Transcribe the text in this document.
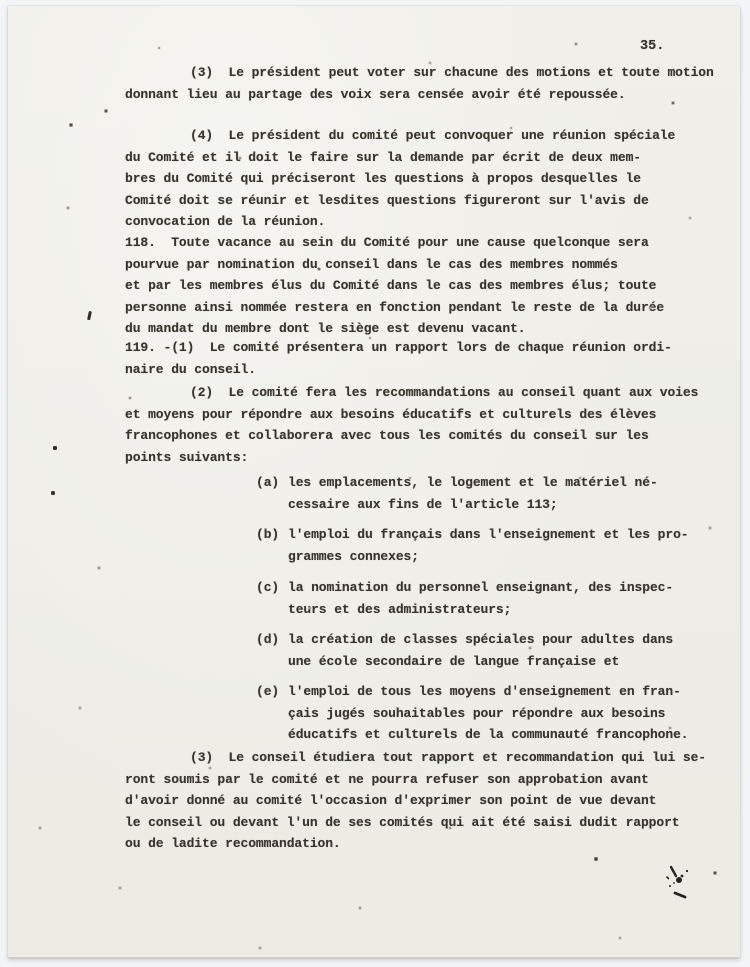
35.
(3)  Le président peut voter sur chacune des motions et toute motion
donnant lieu au partage des voix sera censée avoir été repoussée.
(4)  Le président du comité peut convoquer une réunion spéciale
du Comité et il doit le faire sur la demande par écrit de deux mem-
bres du Comité qui préciseront les questions à propos desquelles le
Comité doit se réunir et lesdites questions figureront sur l'avis de
convocation de la réunion.
118.  Toute vacance au sein du Comité pour une cause quelconque sera
pourvue par nomination du conseil dans le cas des membres nommés
et par les membres élus du Comité dans le cas des membres élus; toute
personne ainsi nommée restera en fonction pendant le reste de la durée
du mandat du membre dont le siège est devenu vacant.
119. -(1)  Le comité présentera un rapport lors de chaque réunion ordi-
naire du conseil.
(2)  Le comité fera les recommandations au conseil quant aux voies
et moyens pour répondre aux besoins éducatifs et culturels des élèves
francophones et collaborera avec tous les comités du conseil sur les
points suivants:
(a) les emplacements, le logement et le matériel né-
cessaire aux fins de l'article 113;
(b) l'emploi du français dans l'enseignement et les pro-
grammes connexes;
(c) la nomination du personnel enseignant, des inspec-
teurs et des administrateurs;
(d) la création de classes spéciales pour adultes dans
une école secondaire de langue française et
(e) l'emploi de tous les moyens d'enseignement en fran-
çais jugés souhaitables pour répondre aux besoins
éducatifs et culturels de la communauté francophone.
(3)  Le conseil étudiera tout rapport et recommandation qui lui se-
ront soumis par le comité et ne pourra refuser son approbation avant
d'avoir donné au comité l'occasion d'exprimer son point de vue devant
le conseil ou devant l'un de ses comités qui ait été saisi dudit rapport
ou de ladite recommandation.
